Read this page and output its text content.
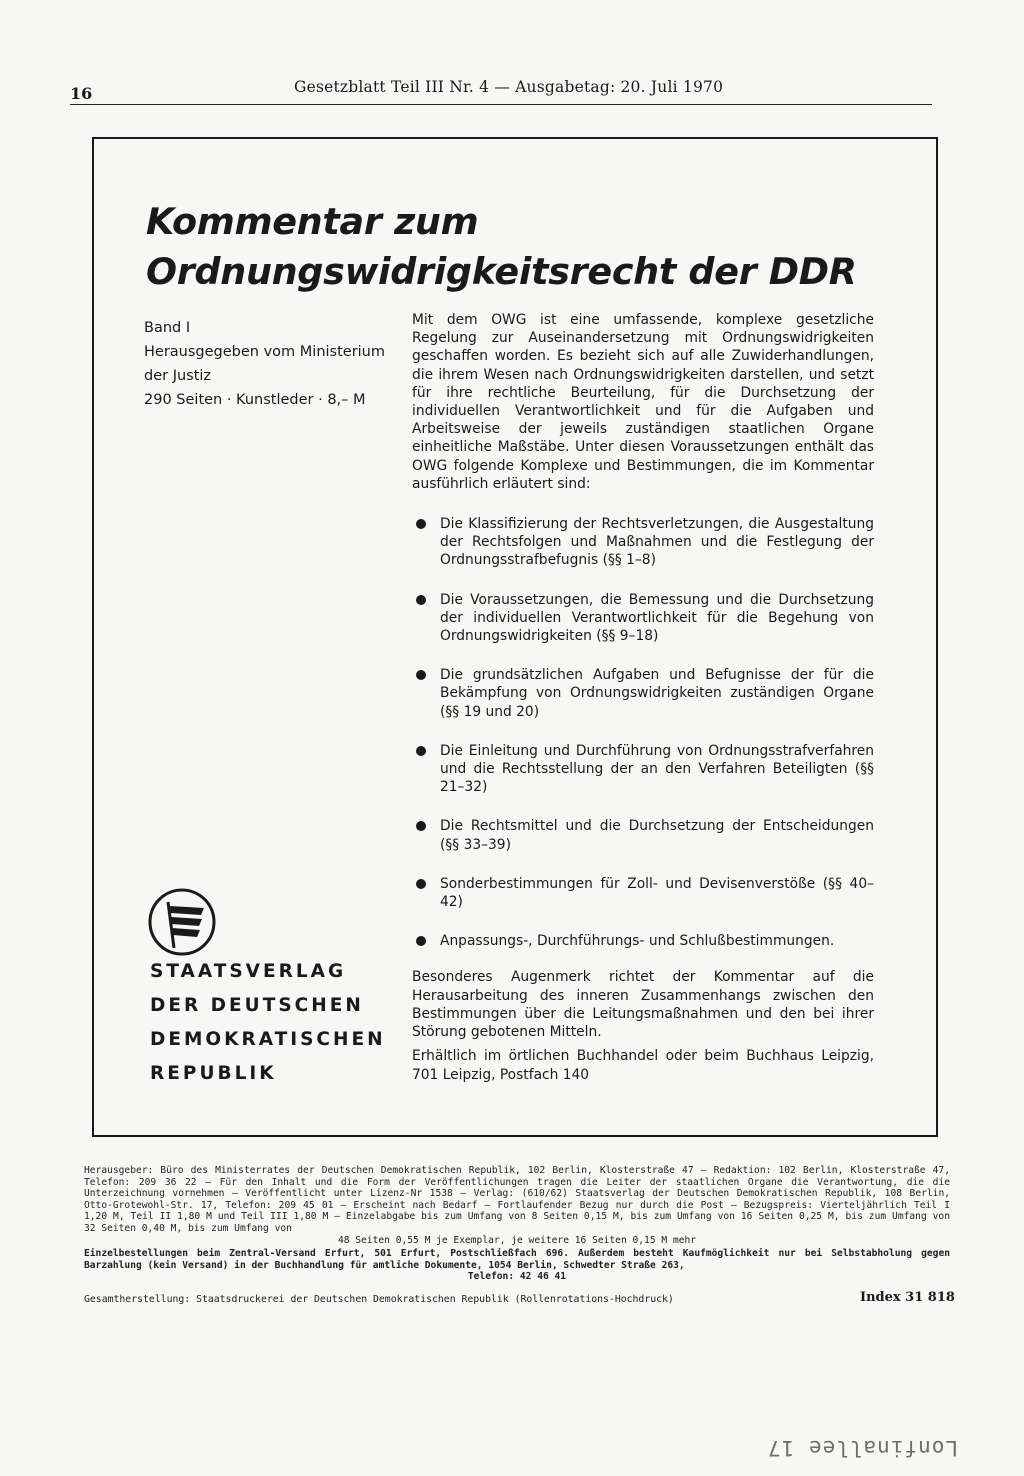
16	Gesetzblatt Teil III Nr. 4 — Ausgabetag: 20. Juli 1970
Kommentar zum
Ordnungswidrigkeitsrecht der DDR
Band I
Herausgegeben vom Ministerium
der Justiz
290 Seiten · Kunstleder · 8,– M

Mit dem OWG ist eine umfassende, komplexe gesetzliche Regelung zur Auseinandersetzung mit Ordnungswidrigkeiten geschaffen worden. Es bezieht sich auf alle Zuwiderhandlungen, die ihrem Wesen nach Ordnungswidrigkeiten darstellen, und setzt für ihre rechtliche Beurteilung, für die Durchsetzung der individuellen Verantwortlichkeit und für die Aufgaben und Arbeitsweise der jeweils zuständigen staatlichen Organe einheitliche Maßstäbe. Unter diesen Voraussetzungen enthält das OWG folgende Komplexe und Bestimmungen, die im Kommentar ausführlich erläutert sind:

Die Klassifizierung der Rechtsverletzungen, die Ausgestaltung der Rechtsfolgen und Maßnahmen und die Festlegung der Ordnungsstrafbefugnis (§§ 1–8)
Die Voraussetzungen, die Bemessung und die Durchsetzung der individuellen Verantwortlichkeit für die Begehung von Ordnungswidrigkeiten (§§ 9–18)
Die grundsätzlichen Aufgaben und Befugnisse der für die Bekämpfung von Ordnungswidrigkeiten zuständigen Organe (§§ 19 und 20)
Die Einleitung und Durchführung von Ordnungsstrafverfahren und die Rechtsstellung der an den Verfahren Beteiligten (§§ 21–32)
Die Rechtsmittel und die Durchsetzung der Entscheidungen (§§ 33–39)
Sonderbestimmungen für Zoll- und Devisenverstöße (§§ 40–42)
Anpassungs-, Durchführungs- und Schlußbestimmungen.

Besonderes Augenmerk richtet der Kommentar auf die Herausarbeitung des inneren Zusammenhangs zwischen den Bestimmungen über die Leitungsmaßnahmen und den bei ihrer Störung gebotenen Mitteln.

Erhältlich im örtlichen Buchhandel oder beim Buchhaus Leipzig, 701 Leipzig, Postfach 140

STAATSVERLAG
DER DEUTSCHEN
DEMOKRATISCHEN
REPUBLIK

Herausgeber: Büro des Ministerrates der Deutschen Demokratischen Republik, 102 Berlin, Klosterstraße 47 – Redaktion: 102 Berlin, Klosterstraße 47, Telefon: 209 36 22 – Für den Inhalt und die Form der Veröffentlichungen tragen die Leiter der staatlichen Organe die Verantwortung, die die Unterzeichnung vornehmen – Veröffentlicht unter Lizenz-Nr 1538 – Verlag: (610/62) Staatsverlag der Deutschen Demokratischen Republik, 108 Berlin, Otto-Grotewohl-Str. 17, Telefon: 209 45 01 – Erscheint nach Bedarf – Fortlaufender Bezug nur durch die Post – Bezugspreis: Vierteljährlich Teil I 1,20 M, Teil II 1,80 M und Teil III 1,80 M – Einzelabgabe bis zum Umfang von 8 Seiten 0,15 M, bis zum Umfang von 16 Seiten 0,25 M, bis zum Umfang von 32 Seiten 0,40 M, bis zum Umfang von

48 Seiten 0,55 M je Exemplar, je weitere 16 Seiten 0,15 M mehr

Einzelbestellungen beim Zentral-Versand Erfurt, 501 Erfurt, Postschließfach 696. Außerdem besteht Kaufmöglichkeit nur bei Selbstabholung gegen Barzahlung (kein Versand) in der Buchhandlung für amtliche Dokumente, 1054 Berlin, Schwedter Straße 263,

Telefon: 42 46 41

Gesamtherstellung: Staatsdruckerei der Deutschen Demokratischen Republik (Rollenrotations-Hochdruck)	Index 31 818
Lonfinallee 17
